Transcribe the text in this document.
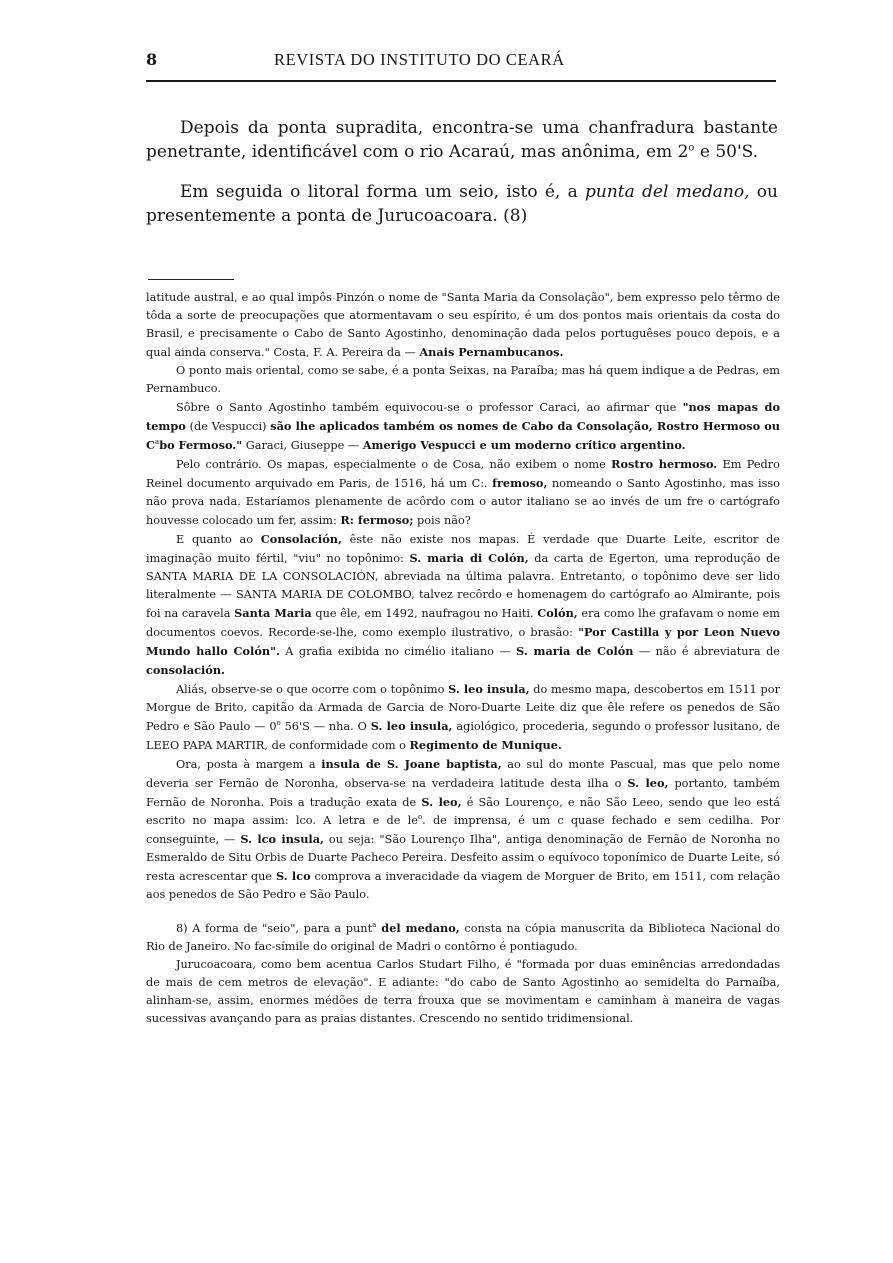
8	REVISTA DO INSTITUTO DO CEARÁ

Depois da ponta supradita, encontra-se uma chanfradura bastante penetrante, identificável com o rio Acaraú, mas anônima, em 2$^o$ e 50'S.

Em seguida o litoral forma um seio, isto é, a punta del medano, ou presentemente a ponta de Jurucoacoara. (8)

latitude austral, e ao qual impôs Pinzón o nome de "Santa Maria da Consolação", bem expresso pelo têrmo de tôda a sorte de preocupações que atormentavam o seu espírito, é um dos pontos mais orientais da costa do Brasil, e precisamente o Cabo de Santo Agostinho, denominação dada pelos portuguêses pouco depois, e a qual ainda conserva." Costa, F. A. Pereira da — Anais Pernambucanos.

O ponto mais oriental, como se sabe, é a ponta Seixas, na Paraíba; mas há quem indique a de Pedras, em Pernambuco.

Sôbre o Santo Agostinho também equivocou-se o professor Caraci, ao afirmar que "nos mapas do tempo (de Vespucci) são lhe aplicados também os nomes de Cabo da Consolação, Rostro Hermoso ou $C^abo$ Fermoso." Garaci, Giuseppe — Amerigo Vespucci e um moderno crítico argentino.

Pelo contrário. Os mapas, especialmente o de Cosa, não exibem o nome Rostro hermoso. Em Pedro Reinel documento arquivado em Paris, de 1516, há um C:. fremoso, nomeando o Santo Agostinho, mas isso não prova nada. Estaríamos plenamente de acôrdo com o autor italiano se ao invés de um fre o cartógrafo houvesse colocado um fer, assim: R: fermoso; pois não?

E quanto ao Consolación, êste não existe nos mapas. É verdade que Duarte Leite, escritor de imaginação muito fértil, "viu" no topônimo: S. maria di Colón, da carta de Egerton, uma reprodução de SANTA MARIA DE LA CONSOLACIÓN, abreviada na última palavra. Entretanto, o topônimo deve ser lido literalmente — SANTA MARIA DE COLOMBO, talvez recôrdo e homenagem do cartógrafo ao Almirante, pois foi na caravela Santa Maria que êle, em 1492, naufragou no Haiti. Colón, era como lhe grafavam o nome em documentos coevos. Recorde-se-lhe, como exemplo ilustrativo, o brasão: "Por Castilla y por Leon Nuevo Mundo hallo Colón". A grafia exibida no cimélio italiano — S. maria de Colón — não é abreviatura de consolación.

Aliás, observe-se o que ocorre com o topônimo S. leo insula, do mesmo mapa, descobertos em 1511 por Morgue de Brito, capitão da Armada de Garcia de Noro-Duarte Leite diz que êle refere os penedos de São Pedro e São Paulo — 0$^o$ 56'S — nha. O S. leo insula, agiológico, procederia, segundo o professor lusitano, de LEEO PAPA MARTIR, de conformidade com o Regimento de Munique.

Ora, posta à margem a insula de S. Joane baptista, ao sul do monte Pascual, mas que pelo nome deveria ser Fernão de Noronha, observa-se na verdadeira latitude desta ilha o S. leo, portanto, também Fernão de Noronha. Pois a tradução exata de S. leo, é São Lourenço, e não São Leeo, sendo que leo está escrito no mapa assim: lco. A letra e de $le^o$. de imprensa, é um c quase fechado e sem cedilha. Por conseguinte, — S. lco insula, ou seja: "São Lourenço Ilha", antiga denominação de Fernão de Noronha no Esmeraldo de Situ Orbis de Duarte Pacheco Pereira. Desfeito assim o equívoco toponímico de Duarte Leite, só resta acrescentar que S. lco comprova a inveracidade da viagem de Morguer de Brito, em 1511, com relação aos penedos de São Pedro e São Paulo.

8) A forma de "seio", para a punt$^a$ del medano, consta na cópia manuscrita da Biblioteca Nacional do Rio de Janeiro. No fac-símile do original de Madri o contôrno é pontiagudo.

Jurucoacoara, como bem acentua Carlos Studart Filho, é "formada por duas eminências arredondadas de mais de cem metros de elevação". E adiante: "do cabo de Santo Agostinho ao semidelta do Parnaíba, alinham-se, assim, enormes médões de terra frouxa que se movimentam e caminham à maneira de vagas sucessivas avançando para as praias distantes. Crescendo no sentido tridimensional.
